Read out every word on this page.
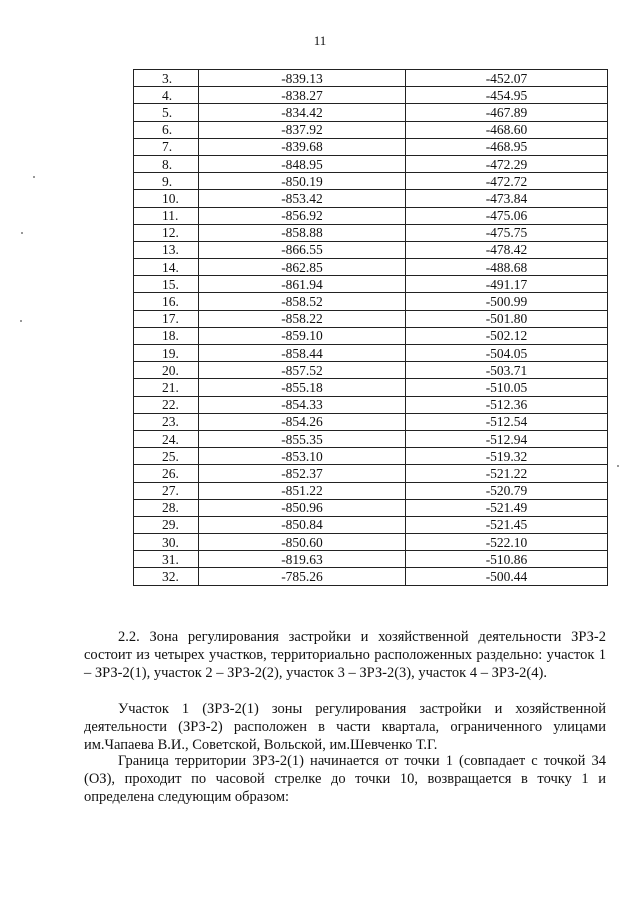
11
3.	-839.13	-452.07
4.	-838.27	-454.95
5.	-834.42	-467.89
6.	-837.92	-468.60
7.	-839.68	-468.95
8.	-848.95	-472.29
9.	-850.19	-472.72
10.	-853.42	-473.84
11.	-856.92	-475.06
12.	-858.88	-475.75
13.	-866.55	-478.42
14.	-862.85	-488.68
15.	-861.94	-491.17
16.	-858.52	-500.99
17.	-858.22	-501.80
18.	-859.10	-502.12
19.	-858.44	-504.05
20.	-857.52	-503.71
21.	-855.18	-510.05
22.	-854.33	-512.36
23.	-854.26	-512.54
24.	-855.35	-512.94
25.	-853.10	-519.32
26.	-852.37	-521.22
27.	-851.22	-520.79
28.	-850.96	-521.49
29.	-850.84	-521.45
30.	-850.60	-522.10
31.	-819.63	-510.86
32.	-785.26	-500.44

2.2. Зона регулирования застройки и хозяйственной деятельности ЗРЗ-2 состоит из четырех участков, территориально расположенных раздельно: участок 1 – ЗРЗ-2(1), участок 2 – ЗРЗ-2(2), участок 3 – ЗРЗ-2(3), участок 4 – ЗРЗ-2(4).

Участок 1 (ЗРЗ-2(1) зоны регулирования застройки и хозяйственной деятельности (ЗРЗ-2) расположен в части квартала, ограниченного улицами им.Чапаева В.И., Советской, Вольской, им.Шевченко Т.Г.

Граница территории ЗРЗ-2(1) начинается от точки 1 (совпадает с точкой 34 (ОЗ), проходит по часовой стрелке до точки 10, возвращается в точку 1 и определена следующим образом:
